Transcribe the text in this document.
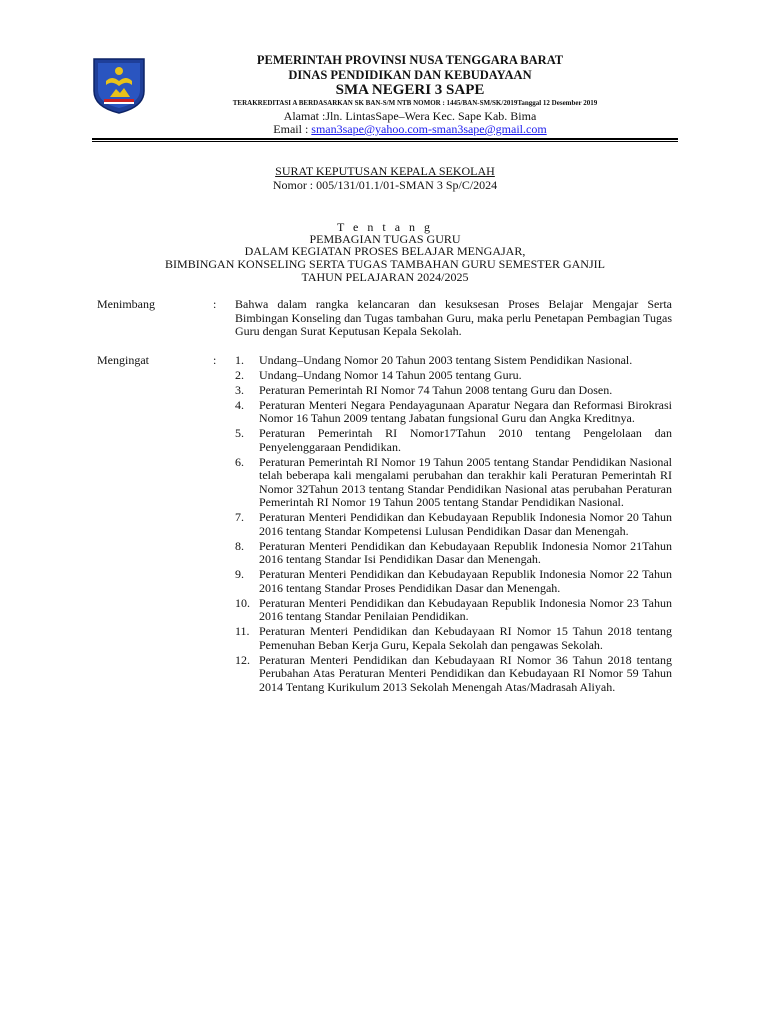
PEMERINTAH PROVINSI NUSA TENGGARA BARAT
DINAS PENDIDIKAN DAN KEBUDAYAAN
SMA NEGERI 3 SAPE
TERAKREDITASI A BERDASARKAN SK BAN-S/M NTB NOMOR : 1445/BAN-SM/SK/2019Tanggal 12 Desember 2019
Alamat :Jln. LintasSape–Wera Kec. Sape Kab. Bima
Email : sman3sape@yahoo.com-sman3sape@gmail.com
SURAT KEPUTUSAN KEPALA SEKOLAH
Nomor : 005/131/01.1/01-SMAN 3 Sp/C/2024
T e n t a n g
PEMBAGIAN TUGAS GURU
DALAM KEGIATAN PROSES BELAJAR MENGAJAR,
BIMBINGAN KONSELING SERTA TUGAS TAMBAHAN GURU SEMESTER GANJIL
TAHUN PELAJARAN 2024/2025
Menimbang	: Bahwa dalam rangka kelancaran dan kesuksesan Proses Belajar Mengajar Serta Bimbingan Konseling dan Tugas tambahan Guru, maka perlu Penetapan Pembagian Tugas Guru dengan Surat Keputusan Kepala Sekolah.
Mengingat	: 1.	Undang–Undang Nomor 20 Tahun 2003 tentang Sistem Pendidikan Nasional.
2.	Undang–Undang Nomor 14 Tahun 2005 tentang Guru.
3.	Peraturan Pemerintah RI Nomor 74 Tahun 2008 tentang Guru dan Dosen.
4.	Peraturan Menteri Negara Pendayagunaan Aparatur Negara dan Reformasi Birokrasi Nomor 16 Tahun 2009 tentang Jabatan fungsional Guru dan Angka Kreditnya.
5.	Peraturan Pemerintah RI Nomor17Tahun 2010 tentang Pengelolaan dan Penyelenggaraan Pendidikan.
6.	Peraturan Pemerintah RI Nomor 19 Tahun 2005 tentang Standar Pendidikan Nasional telah beberapa kali mengalami perubahan dan terakhir kali Peraturan Pemerintah RI Nomor 32Tahun 2013 tentang Standar Pendidikan Nasional atas perubahan Peraturan Pemerintah RI Nomor 19 Tahun 2005 tentang Standar Pendidikan Nasional.
7.	Peraturan Menteri Pendidikan dan Kebudayaan Republik Indonesia Nomor 20 Tahun 2016 tentang Standar Kompetensi Lulusan Pendidikan Dasar dan Menengah.
8.	Peraturan Menteri Pendidikan dan Kebudayaan Republik Indonesia Nomor 21Tahun 2016 tentang Standar Isi Pendidikan Dasar dan Menengah.
9.	Peraturan Menteri Pendidikan dan Kebudayaan Republik Indonesia Nomor 22 Tahun 2016 tentang Standar Proses Pendidikan Dasar dan Menengah.
10. Peraturan Menteri Pendidikan dan Kebudayaan Republik Indonesia Nomor 23 Tahun 2016 tentang Standar Penilaian Pendidikan.
11. Peraturan Menteri Pendidikan dan Kebudayaan RI Nomor 15 Tahun 2018 tentang Pemenuhan Beban Kerja Guru, Kepala Sekolah dan pengawas Sekolah.
12. Peraturan Menteri Pendidikan dan Kebudayaan RI Nomor 36 Tahun 2018 tentang Perubahan Atas Peraturan Menteri Pendidikan dan Kebudayaan RI Nomor 59 Tahun 2014 Tentang Kurikulum 2013 Sekolah Menengah Atas/Madrasah Aliyah.
